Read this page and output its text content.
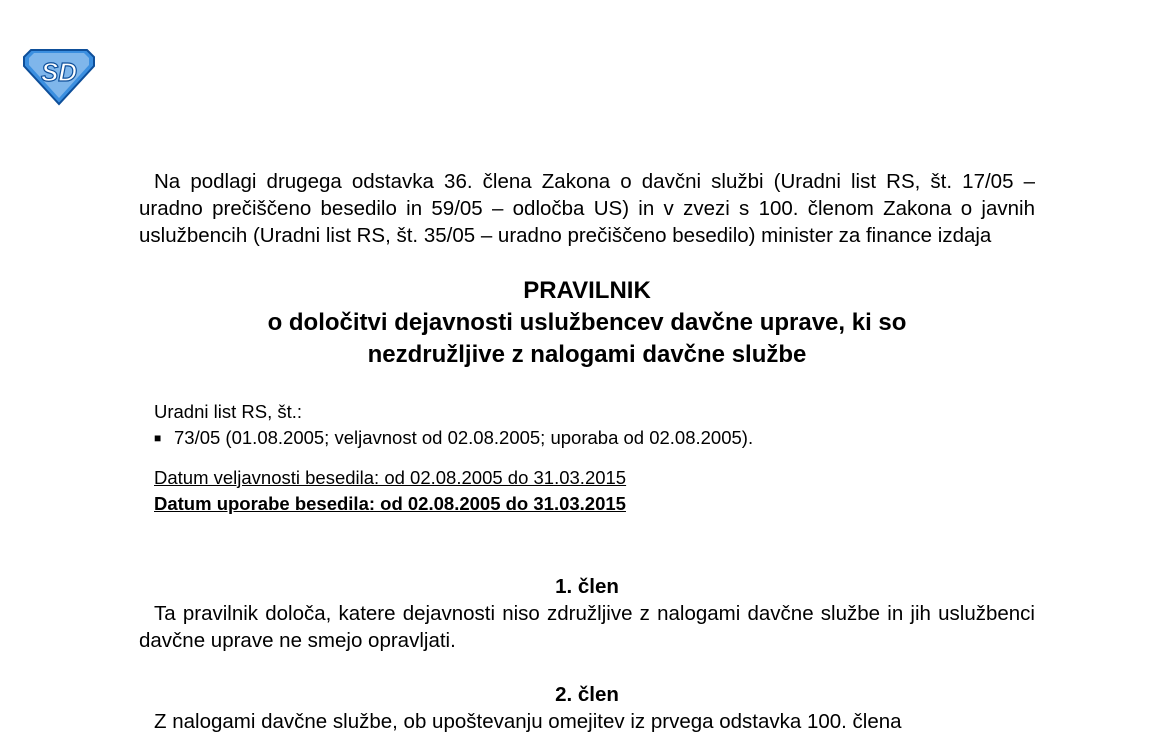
SD

Na podlagi drugega odstavka 36. člena Zakona o davčni službi (Uradni list RS, št. 17/05 – uradno prečiščeno besedilo in 59/05 – odločba US) in v zvezi s 100. členom Zakona o javnih uslužbencih (Uradni list RS, št. 35/05 – uradno prečiščeno besedilo) minister za finance izdaja

PRAVILNIK
o določitvi dejavnosti uslužbencev davčne uprave, ki so
nezdružljive z nalogami davčne službe
Uradni list RS, št.:
■ 73/05 (01.08.2005; veljavnost od 02.08.2005; uporaba od 02.08.2005).
Datum veljavnosti besedila: od 02.08.2005 do 31.03.2015
Datum uporabe besedila: od 02.08.2005 do 31.03.2015
1. člen

Ta pravilnik določa, katere dejavnosti niso združljive z nalogami davčne službe in jih uslužbenci davčne uprave ne smejo opravljati.

2. člen

Z nalogami davčne službe, ob upoštevanju omejitev iz prvega odstavka 100. člena
